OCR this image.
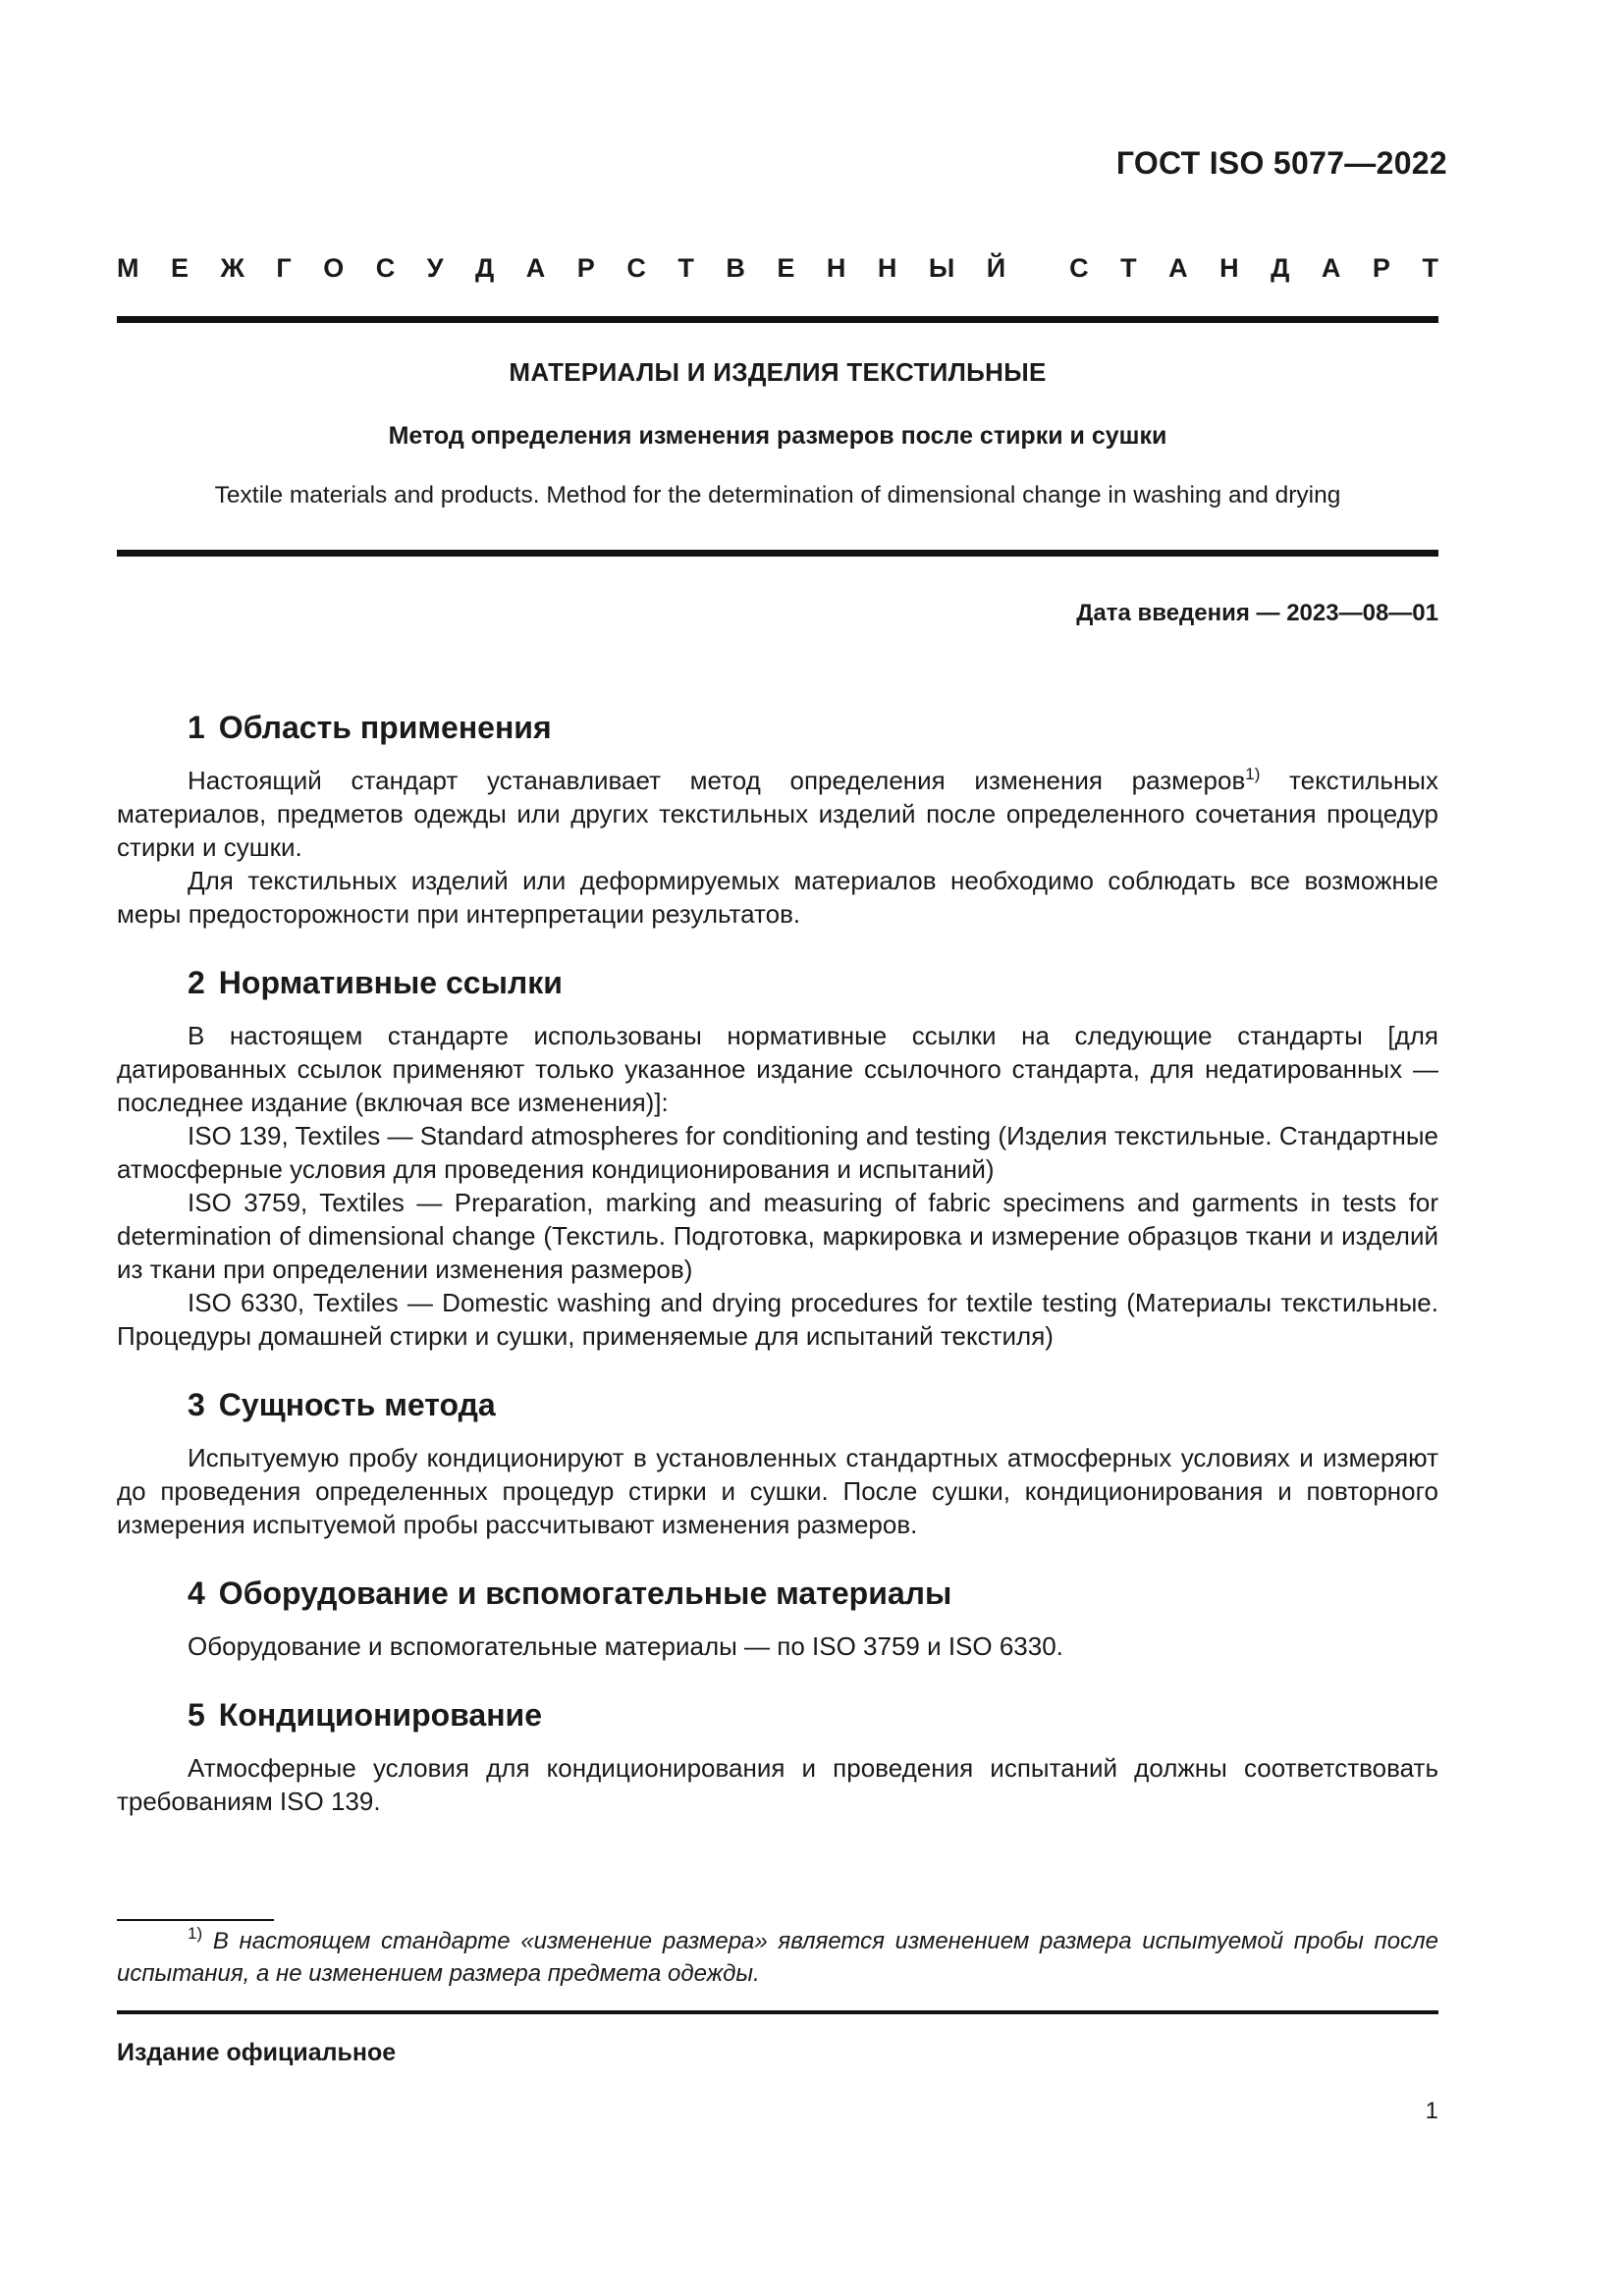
ГОСТ ISO 5077—2022
М Е Ж Г О С У Д А Р С Т В Е Н Н Ы Й С Т А Н Д А Р Т
МАТЕРИАЛЫ И ИЗДЕЛИЯ ТЕКСТИЛЬНЫЕ
Метод определения изменения размеров после стирки и сушки
Textile materials and products. Method for the determination of dimensional change in washing and drying
Дата введения — 2023—08—01
1 Область применения

Настоящий стандарт устанавливает метод определения изменения размеров$^{1)}$ текстильных материалов, предметов одежды или других текстильных изделий после определенного сочетания процедур стирки и сушки.

Для текстильных изделий или деформируемых материалов необходимо соблюдать все возможные меры предосторожности при интерпретации результатов.

2 Нормативные ссылки

В настоящем стандарте использованы нормативные ссылки на следующие стандарты [для датированных ссылок применяют только указанное издание ссылочного стандарта, для недатированных — последнее издание (включая все изменения)]:

ISO 139, Textiles — Standard atmospheres for conditioning and testing (Изделия текстильные. Стандартные атмосферные условия для проведения кондиционирования и испытаний)

ISO 3759, Textiles — Preparation, marking and measuring of fabric specimens and garments in tests for determination of dimensional change (Текстиль. Подготовка, маркировка и измерение образцов ткани и изделий из ткани при определении изменения размеров)

ISO 6330, Textiles — Domestic washing and drying procedures for textile testing (Материалы текстильные. Процедуры домашней стирки и сушки, применяемые для испытаний текстиля)

3 Сущность метода

Испытуемую пробу кондиционируют в установленных стандартных атмосферных условиях и измеряют до проведения определенных процедур стирки и сушки. После сушки, кондиционирования и повторного измерения испытуемой пробы рассчитывают изменения размеров.

4 Оборудование и вспомогательные материалы

Оборудование и вспомогательные материалы — по ISO 3759 и ISO 6330.

5 Кондиционирование

Атмосферные условия для кондиционирования и проведения испытаний должны соответствовать требованиям ISO 139.

$^{1)}$ В настоящем стандарте «изменение размера» является изменением размера испытуемой пробы после испытания, а не изменением размера предмета одежды.
Издание официальное
1
